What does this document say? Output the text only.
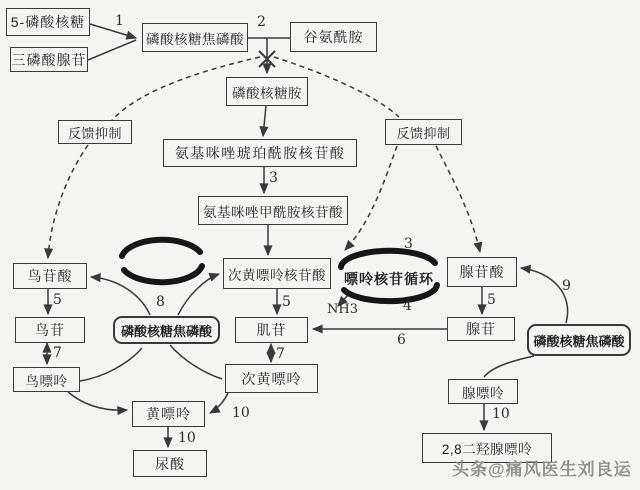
5-磷酸核糖
三磷酸腺苷
磷酸核糖焦磷酸	谷氨酰胺
磷酸核糖胺
氨基咪唑琥珀酰胺核苷酸
氨基咪唑甲酰胺核苷酸
次黄嘌呤核苷酸
鸟苷酸
鸟苷
鸟嘌呤
磷酸核糖焦磷酸	肌苷
次黄嘌呤
黄嘌呤
尿酸
腺苷酸
腺苷
腺嘌呤
磷酸核糖焦磷酸
2,8二羟腺嘌呤
反馈抑制	反馈抑制
嘌呤核苷循环
1	2
3
3
4
5	5	5
6
7	7
8
9
10
10
10
NH3
头条@痛风医生刘良运
